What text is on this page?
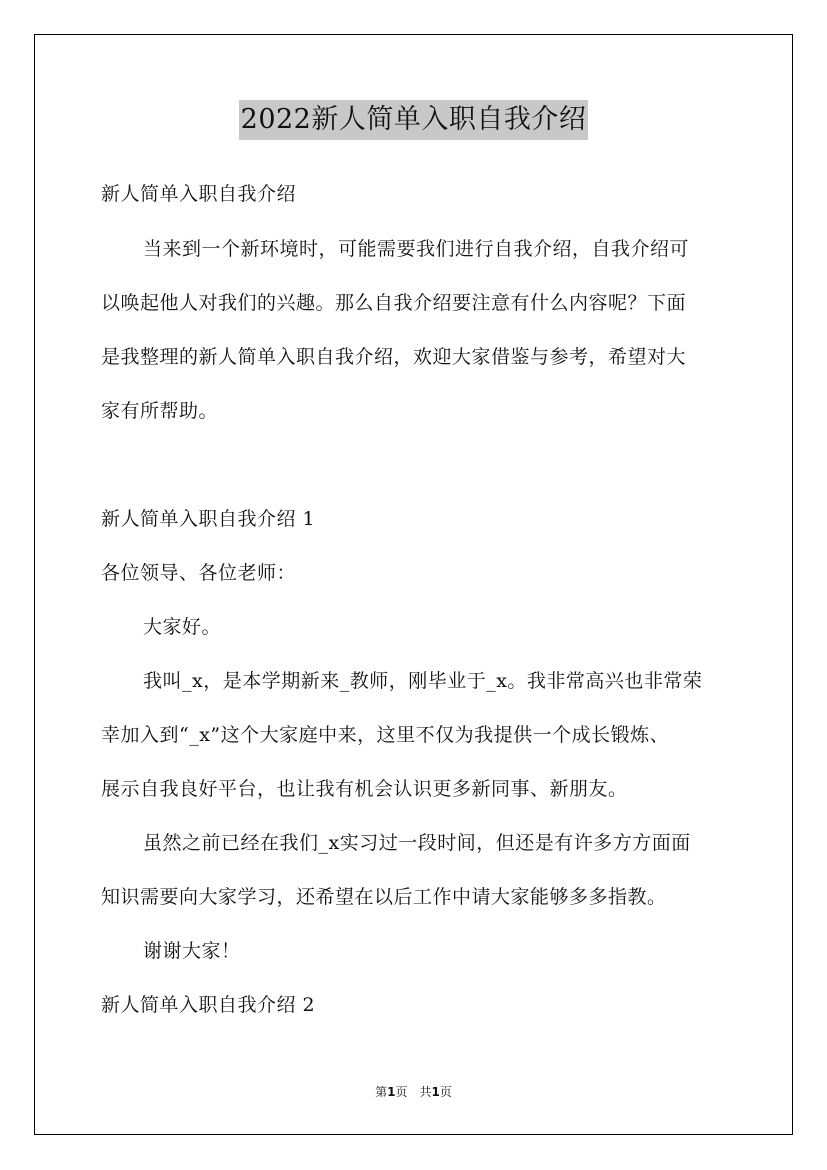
2022新人简单入职自我介绍
新人简单入职自我介绍
当来到一个新环境时，可能需要我们进行自我介绍，自我介绍可
以唤起他人对我们的兴趣。那么自我介绍要注意有什么内容呢？下面
是我整理的新人简单入职自我介绍，欢迎大家借鉴与参考，希望对大
家有所帮助。
新人简单入职自我介绍 1
各位领导、各位老师：
大家好。
我叫_x，是本学期新来_教师，刚毕业于_x。我非常高兴也非常荣
幸加入到“_x”这个大家庭中来，这里不仅为我提供一个成长锻炼、
展示自我良好平台，也让我有机会认识更多新同事、新朋友。
虽然之前已经在我们_x实习过一段时间，但还是有许多方方面面
知识需要向大家学习，还希望在以后工作中请大家能够多多指教。
谢谢大家！
新人简单入职自我介绍 2
第1页　共1页
